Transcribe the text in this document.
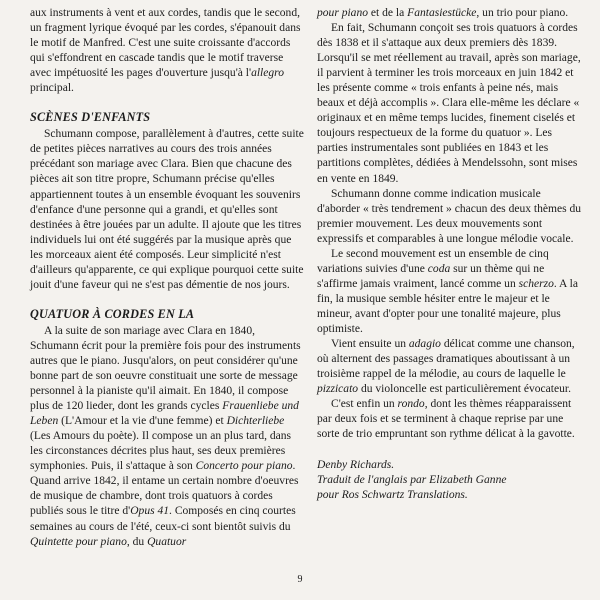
aux instruments à vent et aux cordes, tandis que le second, un fragment lyrique évoqué par les cordes, s'épanouit dans le motif de Manfred. C'est une suite croissante d'accords qui s'effondrent en cascade tandis que le motif traverse avec impétuosité les pages d'ouverture jusqu'à l'allegro principal.

SCÈNES D'ENFANTS

Schumann compose, parallèlement à d'autres, cette suite de petites pièces narratives au cours des trois années précédant son mariage avec Clara. Bien que chacune des pièces ait son titre propre, Schumann précise qu'elles appartiennent toutes à un ensemble évoquant les souvenirs d'enfance d'une personne qui a grandi, et qu'elles sont destinées à être jouées par un adulte. Il ajoute que les titres individuels lui ont été suggérés par la musique après que les morceaux aient été composés. Leur simplicité n'est d'ailleurs qu'apparente, ce qui explique pourquoi cette suite jouit d'une faveur qui ne s'est pas démentie de nos jours.

QUATUOR À CORDES EN LA

A la suite de son mariage avec Clara en 1840, Schumann écrit pour la première fois pour des instruments autres que le piano. Jusqu'alors, on peut considérer qu'une bonne part de son oeuvre constituait une sorte de message personnel à la pianiste qu'il aimait. En 1840, il compose plus de 120 lieder, dont les grands cycles Frauenliebe und Leben (L'Amour et la vie d'une femme) et Dichterliebe (Les Amours du poète). Il compose un an plus tard, dans les circonstances décrites plus haut, ses deux premières symphonies. Puis, il s'attaque à son Concerto pour piano. Quand arrive 1842, il entame un certain nombre d'oeuvres de musique de chambre, dont trois quatuors à cordes publiés sous le titre d'Opus 41. Composés en cinq courtes semaines au cours de l'été, ceux-ci sont bientôt suivis du Quintette pour piano, du Quatuor

pour piano et de la Fantasiestücke, un trio pour piano.

En fait, Schumann conçoit ses trois quatuors à cordes dès 1838 et il s'attaque aux deux premiers dès 1839. Lorsqu'il se met réellement au travail, après son mariage, il parvient à terminer les trois morceaux en juin 1842 et les présente comme « trois enfants à peine nés, mais beaux et déjà accomplis ». Clara elle-même les déclare « originaux et en même temps lucides, finement ciselés et toujours respectueux de la forme du quatuor ». Les parties instrumentales sont publiées en 1843 et les partitions complètes, dédiées à Mendelssohn, sont mises en vente en 1849.

Schumann donne comme indication musicale d'aborder « très tendrement » chacun des deux thèmes du premier mouvement. Les deux mouvements sont expressifs et comparables à une longue mélodie vocale.

Le second mouvement est un ensemble de cinq variations suivies d'une coda sur un thème qui ne s'affirme jamais vraiment, lancé comme un scherzo. A la fin, la musique semble hésiter entre le majeur et le mineur, avant d'opter pour une tonalité majeure, plus optimiste.

Vient ensuite un adagio délicat comme une chanson, où alternent des passages dramatiques aboutissant à un troisième rappel de la mélodie, au cours de laquelle le pizzicato du violoncelle est particulièrement évocateur.

C'est enfin un rondo, dont les thèmes réapparaissent par deux fois et se terminent à chaque reprise par une sorte de trio empruntant son rythme délicat à la gavotte.

Denby Richards.

Traduit de l'anglais par Elizabeth Ganne

pour Ros Schwartz Translations.

9
